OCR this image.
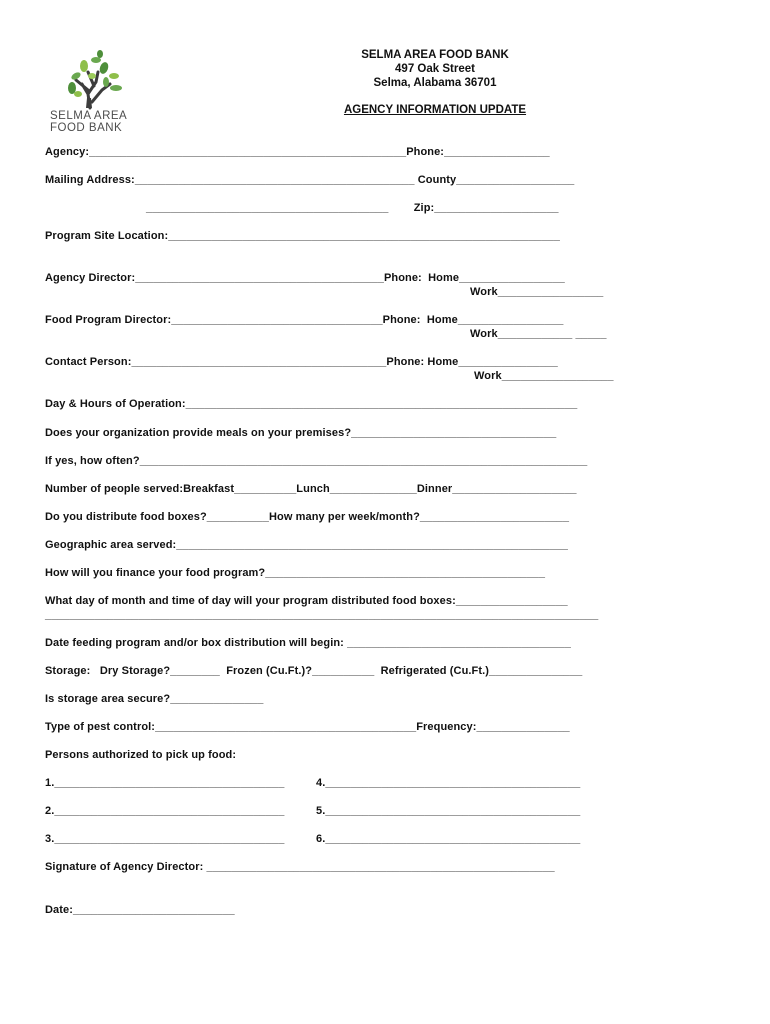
SELMA AREA
FOOD BANK
SELMA AREA FOOD BANK
497 Oak Street
Selma, Alabama 36701
AGENCY INFORMATION UPDATE
Agency:___________________________________________________Phone:_________________
Mailing Address:_____________________________________________ County___________________
_______________________________________        Zip:____________________
Program Site Location:_______________________________________________________________
Agency Director:________________________________________Phone:  Home_________________
Work_________________
Food Program Director:__________________________________Phone:  Home_________________
Work____________ _____
Contact Person:_________________________________________Phone: Home________________
Work__________________
Day & Hours of Operation:_______________________________________________________________
Does your organization provide meals on your premises?_________________________________
If yes, how often?________________________________________________________________________
Number of people served:Breakfast__________Lunch______________Dinner____________________
Do you distribute food boxes?__________How many per week/month?________________________
Geographic area served:_______________________________________________________________
How will you finance your food program?_____________________________________________
What day of month and time of day will your program distributed food boxes:__________________
_________________________________________________________________________________________
Date feeding program and/or box distribution will begin: ____________________________________
Storage:   Dry Storage?________  Frozen (Cu.Ft.)?__________  Refrigerated (Cu.Ft.)_______________
Is storage area secure?_______________
Type of pest control:__________________________________________Frequency:_______________
Persons authorized to pick up food:
1._____________________________________	4._________________________________________
2._____________________________________	5._________________________________________
3._____________________________________	6._________________________________________
Signature of Agency Director: ________________________________________________________
Date:__________________________
